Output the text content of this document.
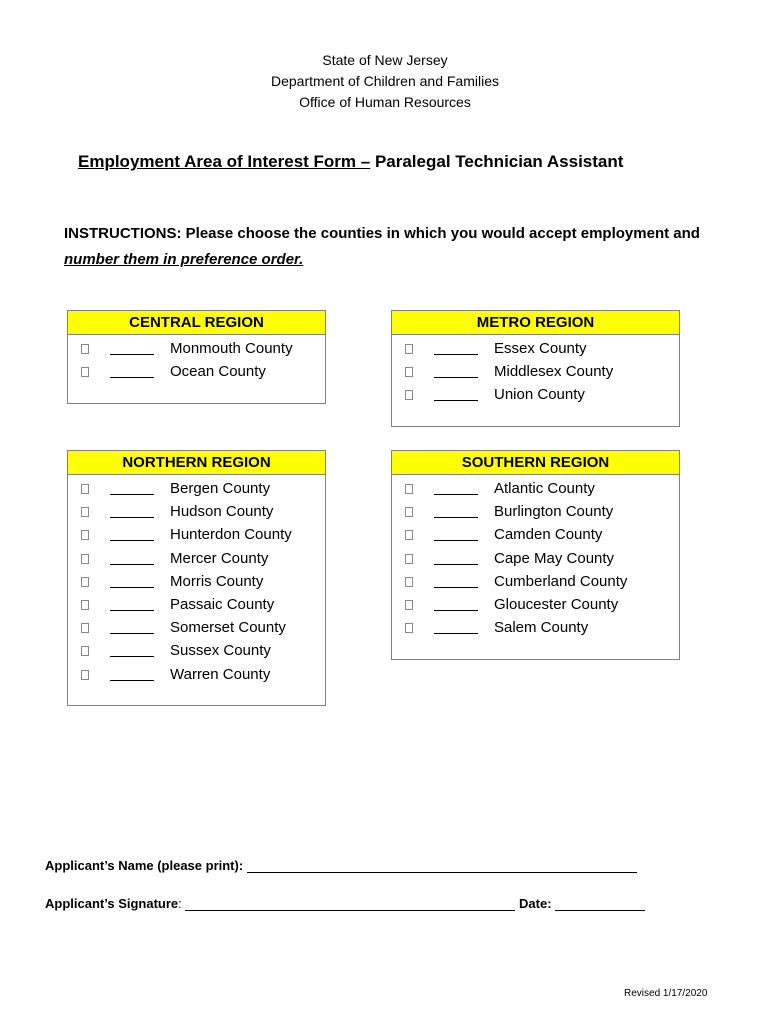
State of New Jersey
Department of Children and Families
Office of Human Resources
Employment Area of Interest Form – Paralegal Technician Assistant
INSTRUCTIONS: Please choose the counties in which you would accept employment and number them in preference order.
CENTRAL REGION
Monmouth County
Ocean County
METRO REGION
Essex County
Middlesex County
Union County
NORTHERN REGION
Bergen County
Hudson County
Hunterdon County
Mercer County
Morris County
Passaic County
Somerset County
Sussex County
Warren County
SOUTHERN REGION
Atlantic County
Burlington County
Camden County
Cape May County
Cumberland County
Gloucester County
Salem County
Applicant’s Name (please print):
Applicant’s Signature:	Date:
Revised 1/17/2020
